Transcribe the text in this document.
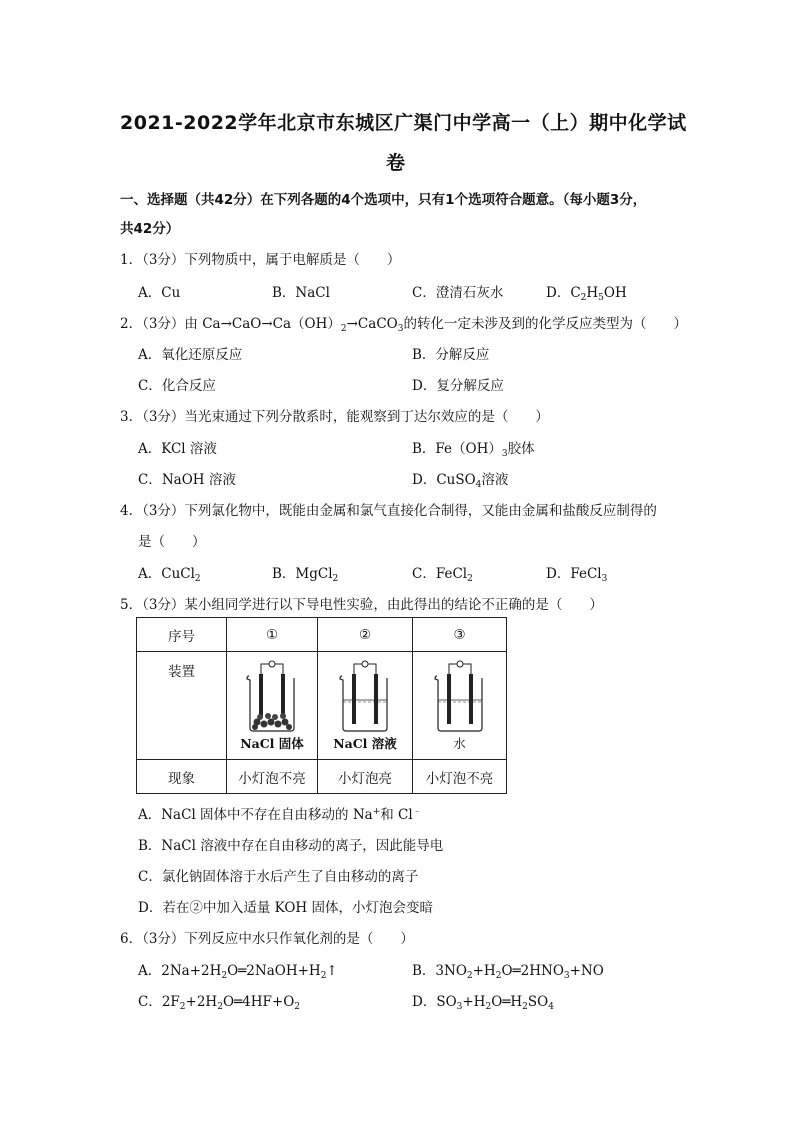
2021-2022学年北京市东城区广渠门中学高一（上）期中化学试
卷
一、选择题（共42分）在下列各题的4个选项中，只有1个选项符合题意。（每小题3分，
共42分）
1．（3分）下列物质中，属于电解质是（　　）
A．Cu	B．NaCl	C．澄清石灰水	D．$C_2H_5OH$
2．（3分）由 $Ca\to CaO\to Ca(OH)_2\to CaCO_3$的转化一定未涉及到的化学反应类型为（　　）
A．氧化还原反应	B．分解反应
C．化合反应	D．复分解反应
3．（3分）当光束通过下列分散系时，能观察到丁达尔效应的是（　　）
A．KCl 溶液	B．$Fe(OH)_3$胶体
C．NaOH 溶液	D．CuSO$_4$溶液
4．（3分）下列氯化物中，既能由金属和氯气直接化合制得，又能由金属和盐酸反应制得的
是（　　）
A．CuCl$_2$	B．MgCl$_2$	C．FeCl$_2$	D．FeCl$_3$
5．（3分）某小组同学进行以下导电性实验，由此得出的结论不正确的是（　　）
序号	①	②	③
装置	NaCl 固体	NaCl 溶液	水

现象	小灯泡不亮	小灯泡亮	小灯泡不亮
A．NaCl 固体中不存在自由移动的 Na+和 Cl﹣
B．NaCl 溶液中存在自由移动的离子，因此能导电
C．氯化钠固体溶于水后产生了自由移动的离子
D．若在②中加入适量 KOH 固体，小灯泡会变暗
6．（3分）下列反应中水只作氧化剂的是（　　）
A．$2Na+2H_2O═2NaOH+H_2↑$	B．$3NO_2+H_2O═2HNO_3+NO$
C．$2F_2+2H_2O═4HF+O_2$	D．$SO_3+H_2O═H_2SO_4$
